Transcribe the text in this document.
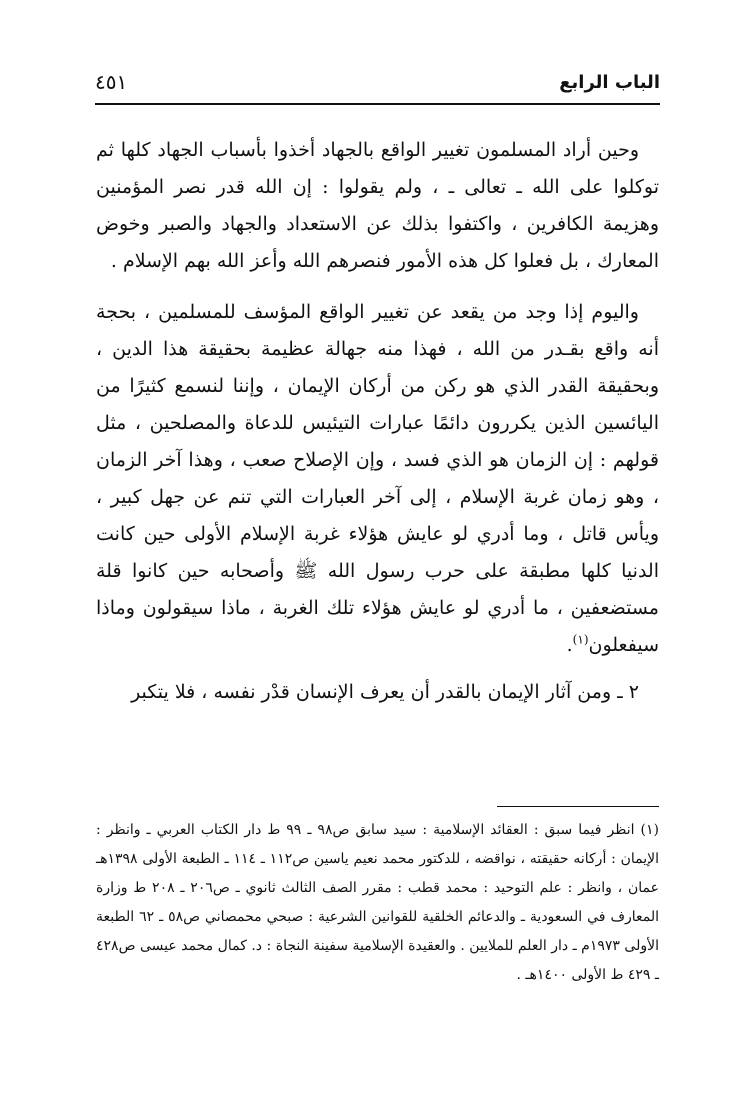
الباب الرابع
٤٥١

وحين أراد المسلمون تغيير الواقع بالجهاد أخذوا بأسباب الجهاد كلها ثم توكلوا على الله ـ تعالى ـ ، ولم يقولوا : إن الله قدر نصر المؤمنين وهزيمة الكافرين ، واكتفوا بذلك عن الاستعداد والجهاد والصبر وخوض المعارك ، بل فعلوا كل هذه الأمور فنصرهم الله وأعز الله بهم الإسلام .

واليوم إذا وجد من يقعد عن تغيير الواقع المؤسف للمسلمين ، بحجة أنه واقع بقـدر من الله ، فهذا منه جهالة عظيمة بحقيقة هذا الدين ، وبحقيقة القدر الذي هو ركن من أركان الإيمان ، وإننا لنسمع كثيرًا من اليائسين الذين يكررون دائمًا عبارات التيئيس للدعاة والمصلحين ، مثل قولهم : إن الزمان هو الذي فسد ، وإن الإصلاح صعب ، وهذا آخر الزمان ، وهو زمان غربة الإسلام ، إلى آخر العبارات التي تنم عن جهل كبير ، ويأس قاتل ، وما أدري لو عايش هؤلاء غربة الإسلام الأولى حين كانت الدنيا كلها مطبقة على حرب رسول الله ﷺ وأصحابه حين كانوا قلة مستضعفين ، ما أدري لو عايش هؤلاء تلك الغربة ، ماذا سيقولون وماذا سيفعلون$^{(١)}$.

٢ ـ ومن آثار الإيمان بالقدر أن يعرف الإنسان قدْر نفسه ، فلا يتكبر

(١) انظر فيما سبق : العقائد الإسلامية : سيد سابق ص٩٨ ـ ٩٩ ط دار الكتاب العربي ـ وانظر : الإيمان : أركانه حقيقته ، نواقضه ، للدكتور محمد نعيم ياسين ص١١٢ ـ ١١٤ ـ الطبعة الأولى ١٣٩٨هـ عمان ، وانظر : علم التوحيد : محمد قطب : مقرر الصف الثالث ثانوي ـ ص٢٠٦ ـ ٢٠٨ ط وزارة المعارف في السعودية ـ والدعائم الخلقية للقوانين الشرعية : صبحي محمصاني ص٥٨ ـ ٦٢ الطبعة الأولى ١٩٧٣م ـ دار العلم للملايين . والعقيدة الإسلامية سفينة النجاة : د. كمال محمد عيسى ص٤٢٨ ـ ٤٢٩ ط الأولى ١٤٠٠هـ .
